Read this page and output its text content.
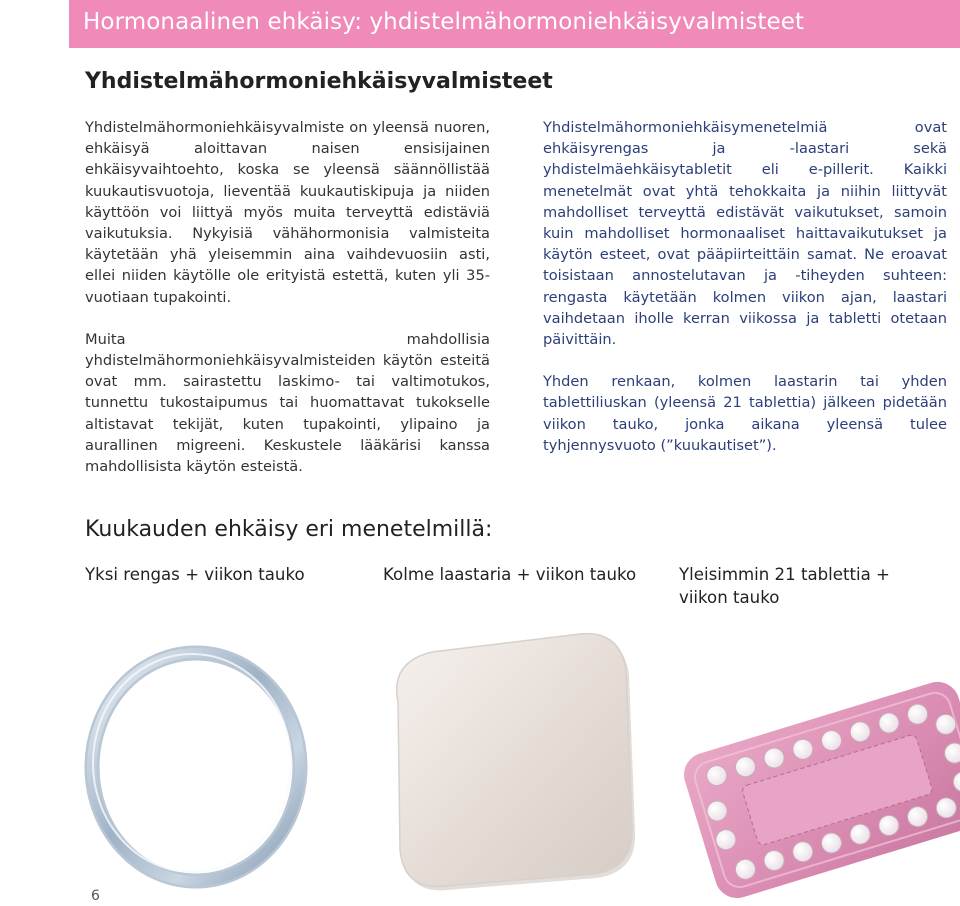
Hormonaalinen ehkäisy: yhdistelmähormoniehkäisyvalmisteet
Yhdistelmähormoniehkäisyvalmisteet

Yhdistelmähormoniehkäisyvalmiste on yleensä nuoren, ehkäisyä aloittavan naisen ensisijainen ehkäisyvaihtoehto, koska se yleensä säännöllistää kuukautisvuotoja, lieventää kuukautiskipuja ja niiden käyttöön voi liittyä myös muita terveyttä edistäviä vaikutuksia. Nykyisiä vähähormonisia valmisteita käytetään yhä yleisemmin aina vaihdevuosiin asti, ellei niiden käytölle ole erityistä estettä, kuten yli 35-vuotiaan tupakointi.

Muita mahdollisia yhdistelmähormoniehkäisyvalmisteiden käytön esteitä ovat mm. sairastettu laskimo- tai valtimotukos, tunnettu tukostaipumus tai huomattavat tukokselle altistavat tekijät, kuten tupakointi, ylipaino ja aurallinen migreeni. Keskustele lääkärisi kanssa mahdollisista käytön esteistä.

Yhdistelmähormoniehkäisymenetelmiä ovat ehkäisyrengas ja -laastari sekä yhdistelmäehkäisytabletit eli e-pillerit. Kaikki menetelmät ovat yhtä tehokkaita ja niihin liittyvät mahdolliset terveyttä edistävät vaikutukset, samoin kuin mahdolliset hormonaaliset haittavaikutukset ja käytön esteet, ovat pääpiirteittäin samat. Ne eroavat toisistaan annostelutavan ja -tiheyden suhteen: rengasta käytetään kolmen viikon ajan, laastari vaihdetaan iholle kerran viikossa ja tabletti otetaan päivittäin.

Yhden renkaan, kolmen laastarin tai yhden tablettiliuskan (yleensä 21 tablettia) jälkeen pidetään viikon tauko, jonka aikana yleensä tulee tyhjennysvuoto (”kuukautiset”).

Kuukauden ehkäisy eri menetelmillä:
Yksi rengas + viikon tauko	Kolme laastaria + viikon tauko	Yleisimmin 21 tablettia + viikon tauko
6
